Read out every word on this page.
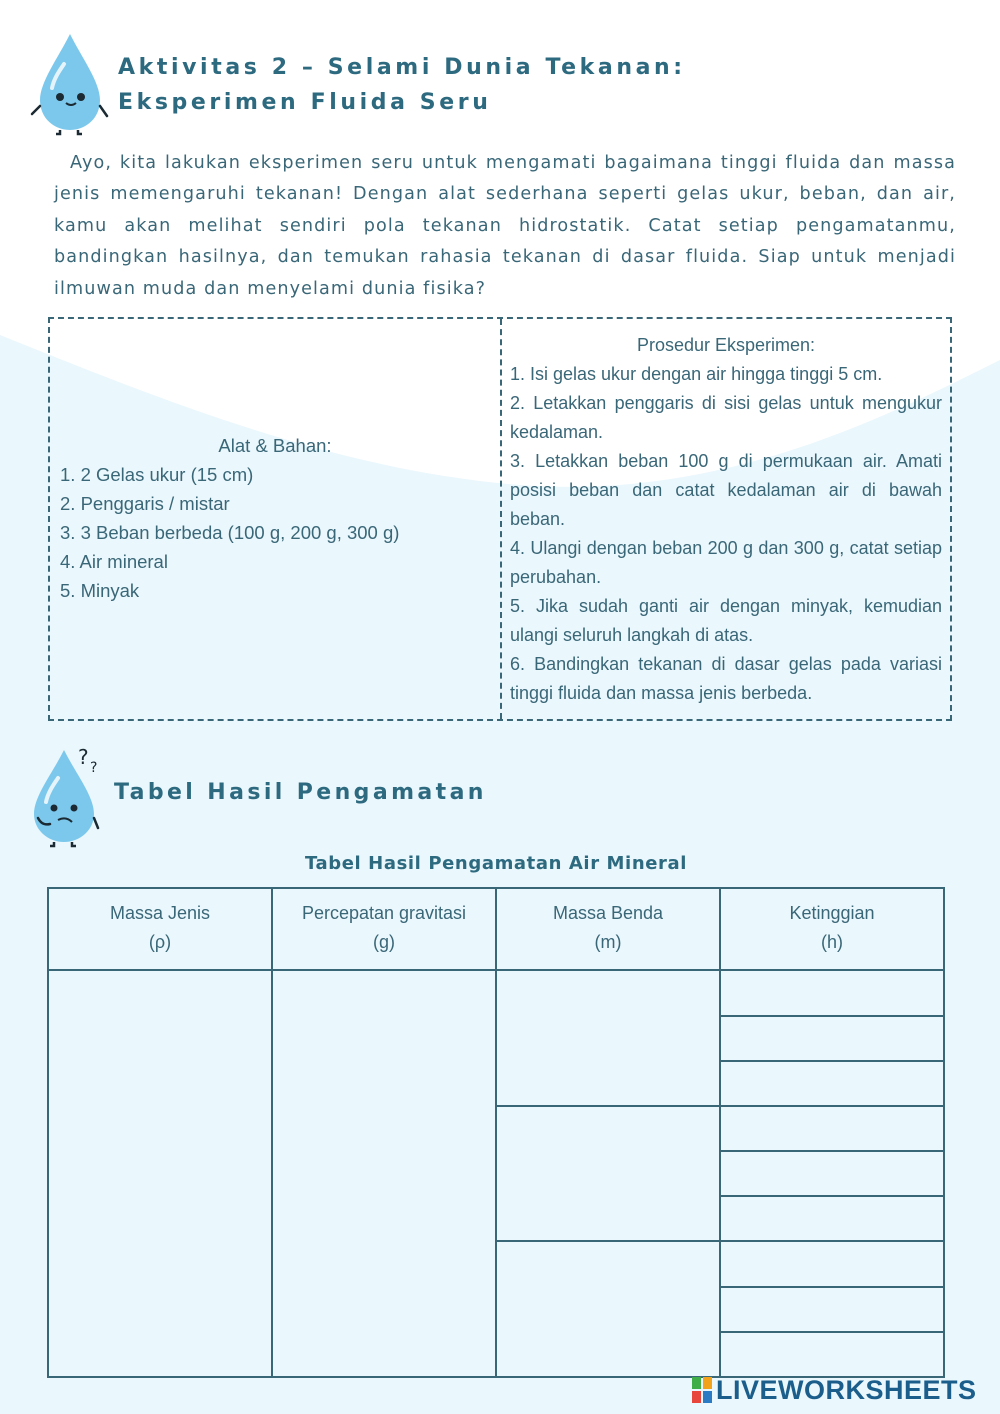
Aktivitas 2 – Selami Dunia Tekanan: Eksperimen Fluida Seru
Ayo, kita lakukan eksperimen seru untuk mengamati bagaimana tinggi fluida dan massa jenis memengaruhi tekanan! Dengan alat sederhana seperti gelas ukur, beban, dan air, kamu akan melihat sendiri pola tekanan hidrostatik. Catat setiap pengamatanmu, bandingkan hasilnya, dan temukan rahasia tekanan di dasar fluida. Siap untuk menjadi ilmuwan muda dan menyelami dunia fisika?
Alat & Bahan:
1. 2 Gelas ukur (15 cm)
2. Penggaris / mistar
3. 3 Beban berbeda (100 g, 200 g, 300 g)
4. Air mineral
5. Minyak
Prosedur Eksperimen:
1. Isi gelas ukur dengan air hingga tinggi 5 cm.
2. Letakkan penggaris di sisi gelas untuk mengukur kedalaman.
3. Letakkan beban 100 g di permukaan air. Amati posisi beban dan catat kedalaman air di bawah beban.
4. Ulangi dengan beban 200 g dan 300 g, catat setiap perubahan.
5. Jika sudah ganti air dengan minyak, kemudian ulangi seluruh langkah di atas.
6. Bandingkan tekanan di dasar gelas pada variasi tinggi fluida dan massa jenis berbeda.
? ?
Tabel Hasil Pengamatan
Tabel Hasil Pengamatan Air Mineral
Massa Jenis
(ρ)	Percepatan gravitasi
(g)	Massa Benda
(m)	Ketinggian
(h)

LIVEWORKSHEETS
